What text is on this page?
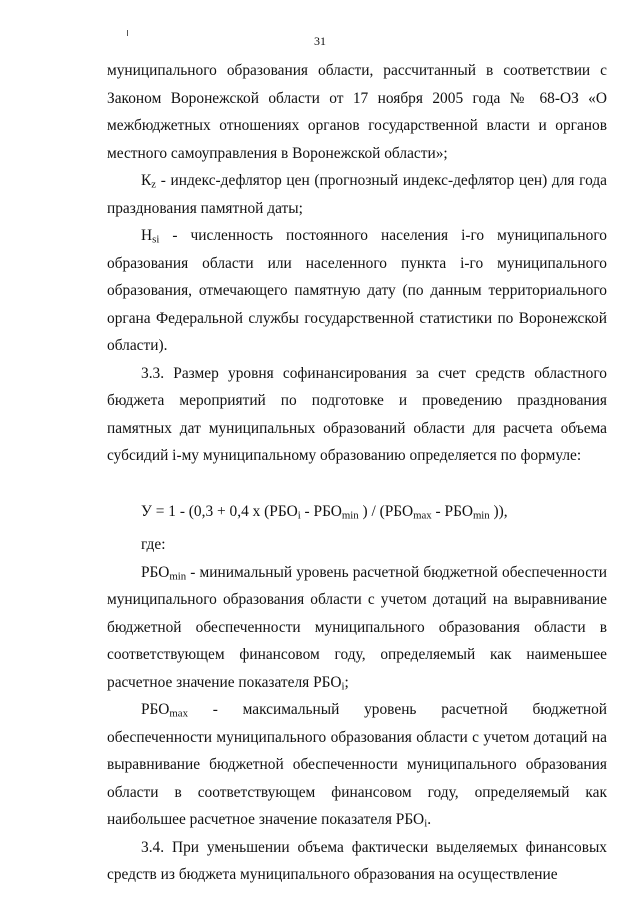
31

муниципального образования области, рассчитанный в соответствии с Законом Воронежской области от 17 ноября 2005 года № 68-ОЗ «О межбюджетных отношениях органов государственной власти и органов местного самоуправления в Воронежской области»;

$К_z$ - индекс-дефлятор цен (прогнозный индекс-дефлятор цен) для года празднования памятной даты;

$Н_{si}$ - численность постоянного населения i-го муниципального образования области или населенного пункта i-го муниципального образования, отмечающего памятную дату (по данным территориального органа Федеральной службы государственной статистики по Воронежской области).

3.3. Размер уровня софинансирования за счет средств областного бюджета мероприятий по подготовке и проведению празднования памятных дат муниципальных образований области для расчета объема субсидий i-му муниципальному образованию определяется по формуле:

У = 1 - (0,3 + 0,4 х ($РБО_i - РБО_{min}$ ) / ($РБО_{max} - РБО_{min}$ )),

где:

$РБО_{min}$ - минимальный уровень расчетной бюджетной обеспеченности муниципального образования области с учетом дотаций на выравнивание бюджетной обеспеченности муниципального образования области в соответствующем финансовом году, определяемый как наименьшее расчетное значение показателя $РБО_i$;

$РБО_{max}$ - максимальный уровень расчетной бюджетной обеспеченности муниципального образования области с учетом дотаций на выравнивание бюджетной обеспеченности муниципального образования области в соответствующем финансовом году, определяемый как наибольшее расчетное значение показателя $РБО_i$.

3.4. При уменьшении объема фактически выделяемых финансовых средств из бюджета муниципального образования на осуществление
